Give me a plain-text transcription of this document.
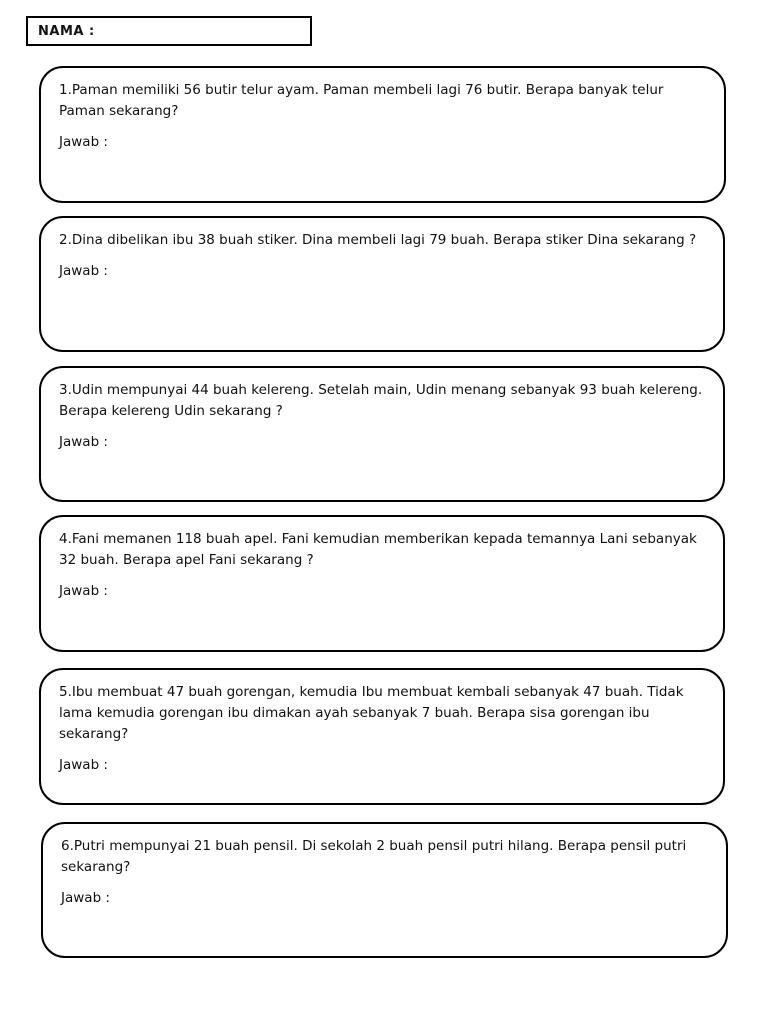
NAMA :

1.Paman memiliki 56 butir telur ayam. Paman membeli lagi 76 butir. Berapa banyak telur Paman sekarang?

Jawab :

2.Dina dibelikan ibu 38 buah stiker. Dina membeli lagi 79 buah. Berapa stiker Dina sekarang ?

Jawab :

3.Udin mempunyai 44 buah kelereng. Setelah main, Udin menang sebanyak 93 buah kelereng. Berapa kelereng Udin sekarang ?

Jawab :

4.Fani memanen 118 buah apel. Fani kemudian memberikan kepada temannya Lani sebanyak 32 buah. Berapa apel Fani sekarang ?

Jawab :

5.Ibu membuat 47 buah gorengan, kemudia Ibu membuat kembali sebanyak 47 buah. Tidak lama kemudia gorengan ibu dimakan ayah sebanyak 7 buah. Berapa sisa gorengan ibu sekarang?

Jawab :

6.Putri mempunyai 21 buah pensil. Di sekolah 2 buah pensil putri hilang. Berapa pensil putri sekarang?

Jawab :
